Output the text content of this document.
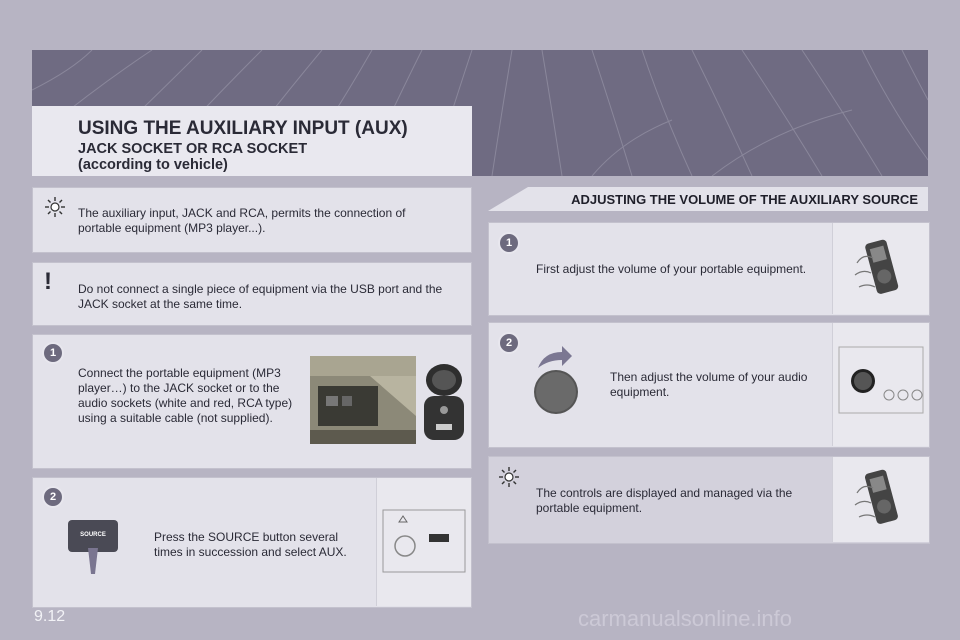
USING THE AUXILIARY INPUT (AUX)
JACK SOCKET OR RCA SOCKET
(according to vehicle)
The auxiliary input, JACK and RCA, permits the connection of portable equipment (MP3 player...).
! Do not connect a single piece of equipment via the USB port and the JACK socket at the same time.
1
Connect the portable equipment (MP3 player…) to the JACK socket or to the audio sockets (white and red, RCA type) using a suitable cable (not supplied).
2
SOURCE	Press the SOURCE button several times in succession and select AUX.
ADJUSTING THE VOLUME OF THE AUXILIARY SOURCE
1
First adjust the volume of your portable equipment.
2
Then adjust the volume of your audio equipment.
The controls are displayed and managed via the portable equipment.
9.12	carmanualsonline.info
